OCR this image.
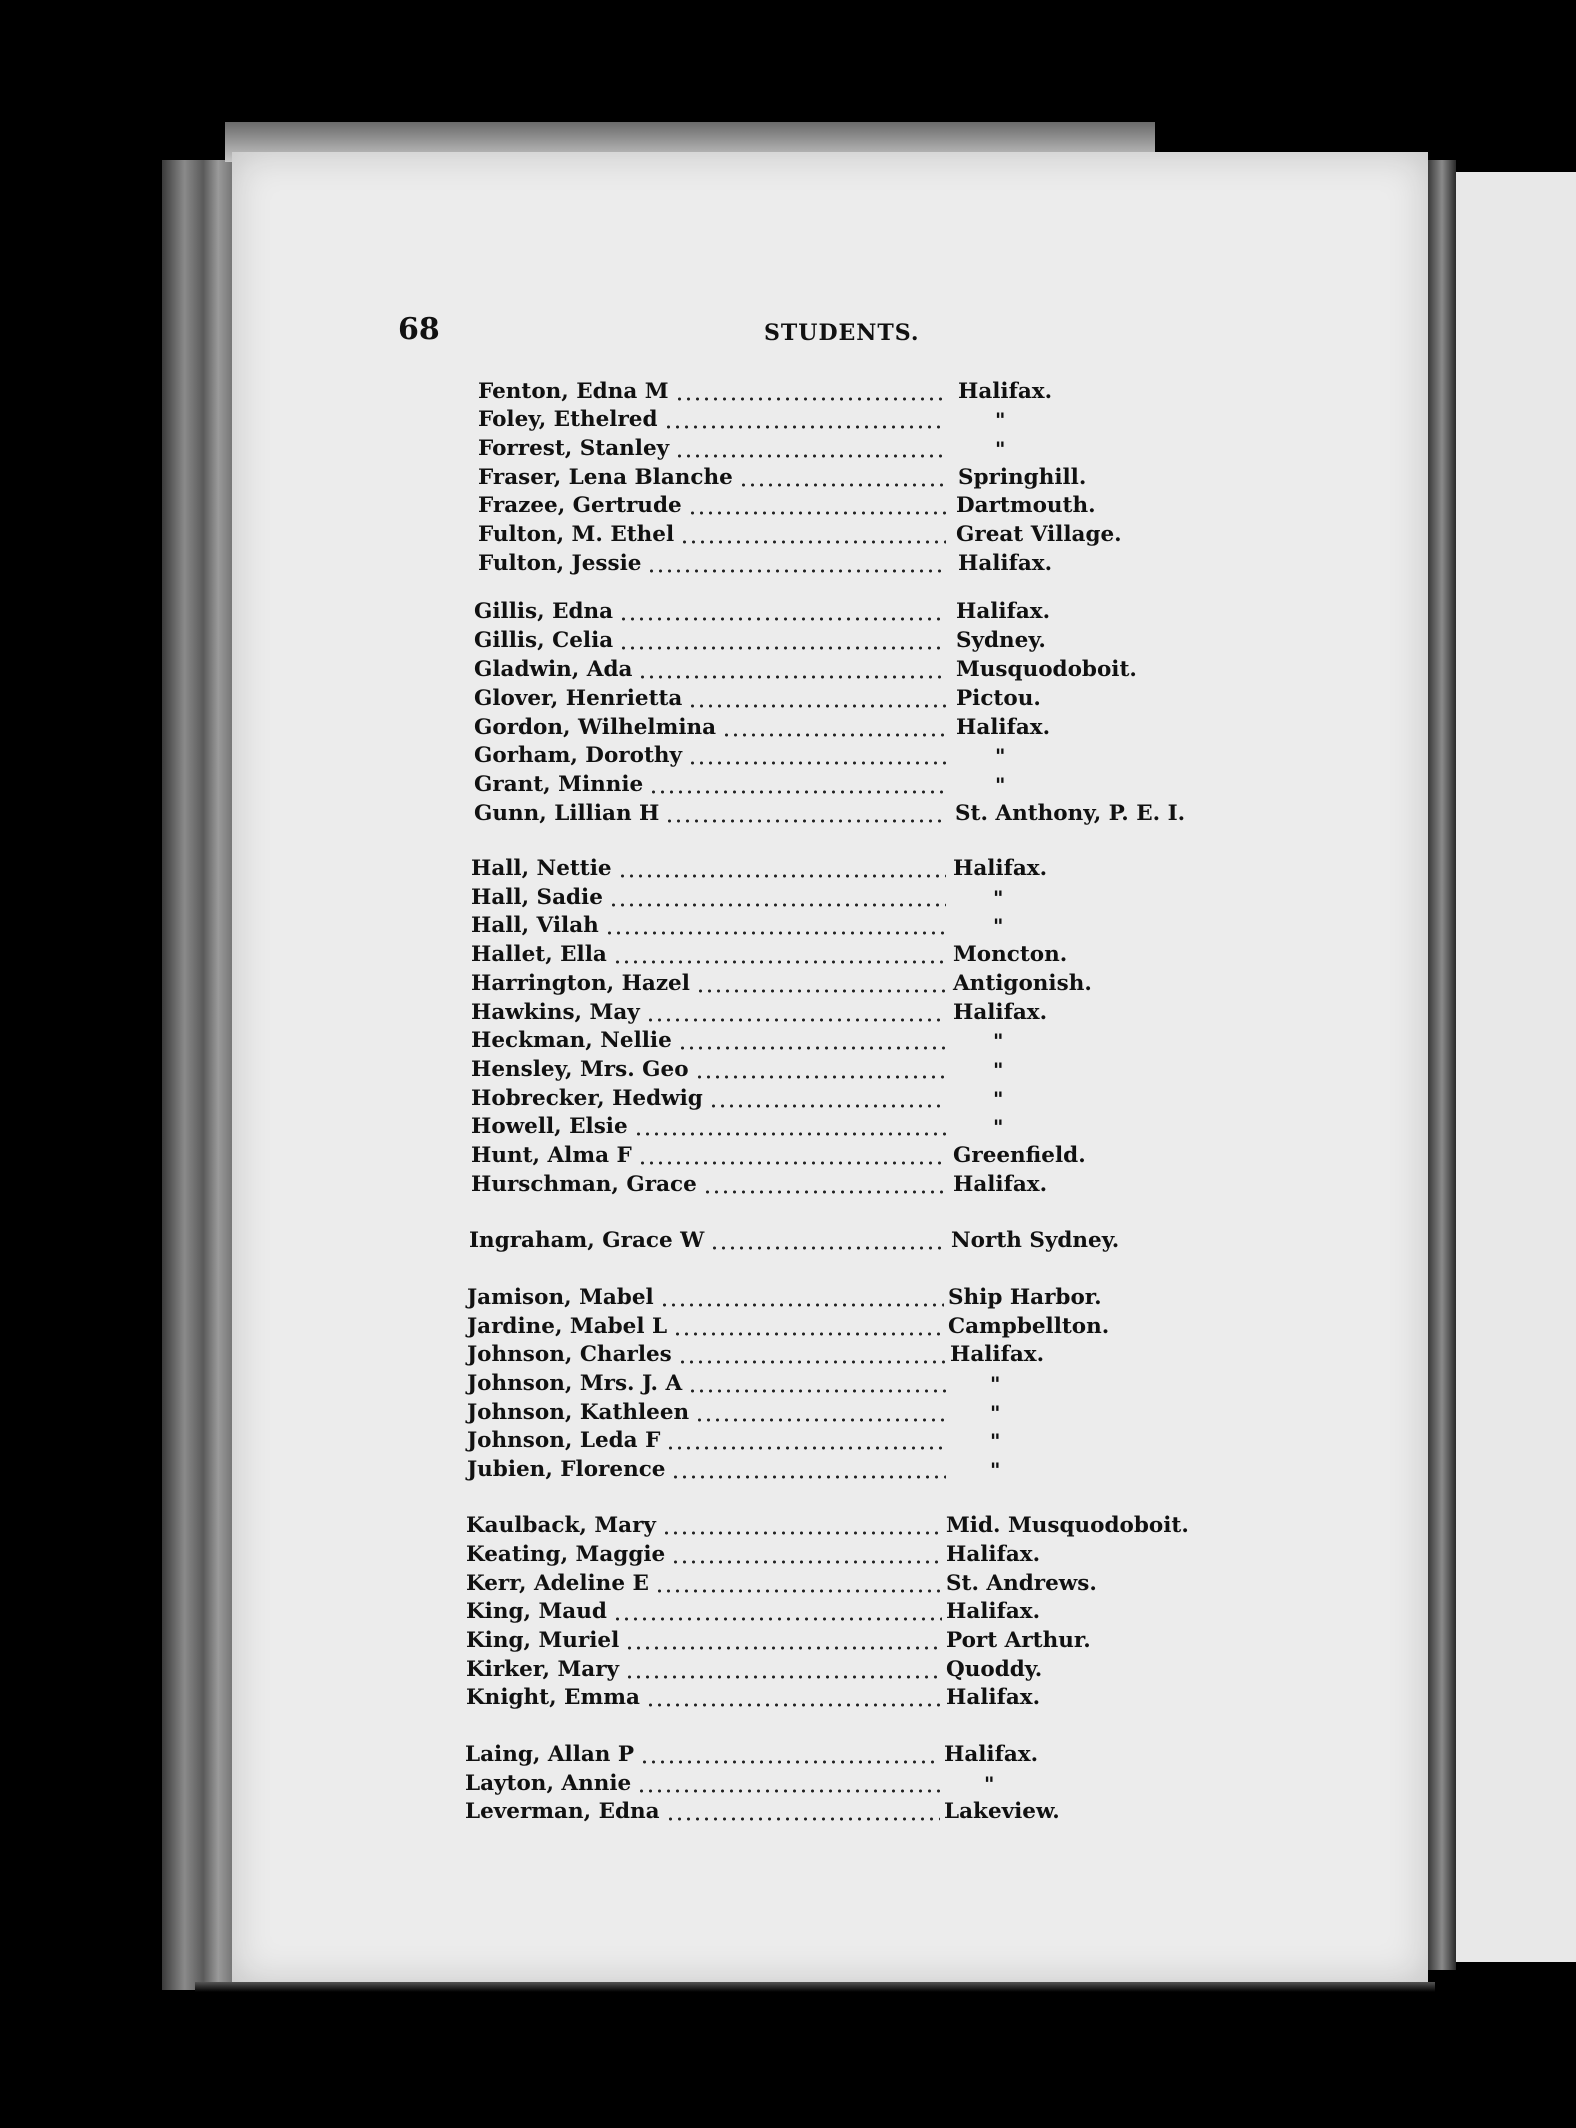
68	STUDENTS.
Fenton, Edna M	Halifax.
Foley, Ethelred	"
Forrest, Stanley	"
Fraser, Lena Blanche	Springhill.
Frazee, Gertrude	Dartmouth.
Fulton, M. Ethel	Great Village.
Fulton, Jessie	Halifax.
Gillis, Edna	Halifax.
Gillis, Celia	Sydney.
Gladwin, Ada	Musquodoboit.
Glover, Henrietta	Pictou.
Gordon, Wilhelmina	Halifax.
Gorham, Dorothy	"
Grant, Minnie	"
Gunn, Lillian H	St. Anthony, P. E. I.
Hall, Nettie	Halifax.
Hall, Sadie	"
Hall, Vilah	"
Hallet, Ella	Moncton.
Harrington, Hazel	Antigonish.
Hawkins, May	Halifax.
Heckman, Nellie	"
Hensley, Mrs. Geo	"
Hobrecker, Hedwig	"
Howell, Elsie	"
Hunt, Alma F	Greenfield.
Hurschman, Grace	Halifax.
Ingraham, Grace W	North Sydney.
Jamison, Mabel	Ship Harbor.
Jardine, Mabel L	Campbellton.
Johnson, Charles	Halifax.
Johnson, Mrs. J. A	"
Johnson, Kathleen	"
Johnson, Leda F	"
Jubien, Florence	"
Kaulback, Mary	Mid. Musquodoboit.
Keating, Maggie	Halifax.
Kerr, Adeline E	St. Andrews.
King, Maud	Halifax.
King, Muriel	Port Arthur.
Kirker, Mary	Quoddy.
Knight, Emma	Halifax.
Laing, Allan P	Halifax.
Layton, Annie	"
Leverman, Edna	Lakeview.
